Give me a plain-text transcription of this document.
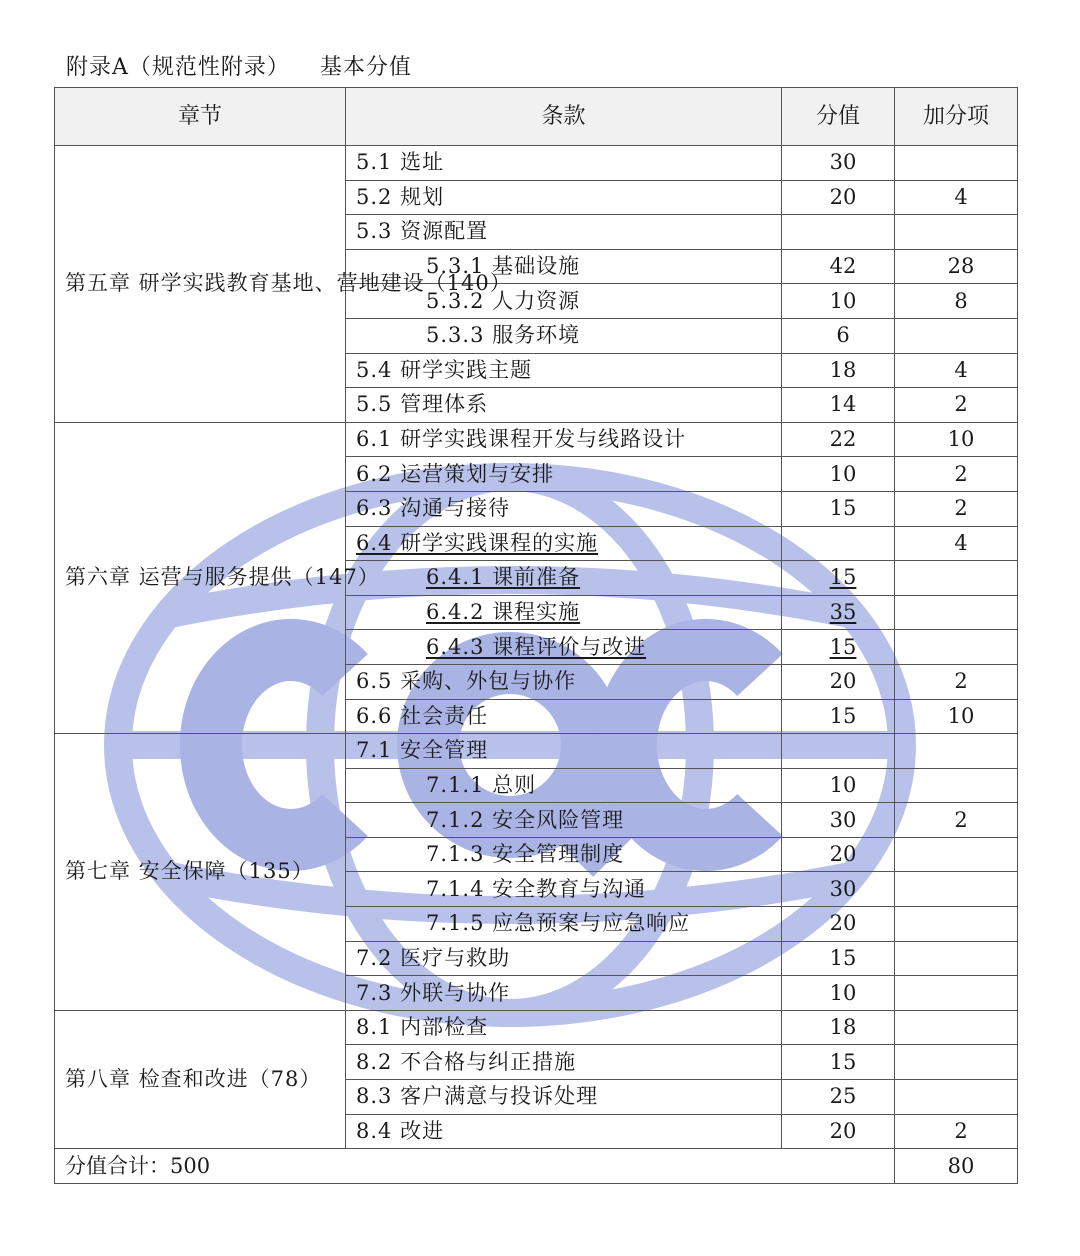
附录A（规范性附录） 基本分值
章节	条款	分值	加分项
第五章 研学实践教育基地、营地建设（140）	5.1 选址	30	
	5.2 规划	20	4
	5.3 资源配置		
	5.3.1 基础设施	42	28
	5.3.2 人力资源	10	8
	5.3.3 服务环境	6	
	5.4 研学实践主题	18	4
	5.5 管理体系	14	2
第六章 运营与服务提供（147）	6.1 研学实践课程开发与线路设计	22	10
	6.2 运营策划与安排	10	2
	6.3 沟通与接待	15	2
	6.4 研学实践课程的实施		4
	6.4.1 课前准备	15	
	6.4.2 课程实施	35	
	6.4.3 课程评价与改进	15	
	6.5 采购、外包与协作	20	2
	6.6 社会责任	15	10
第七章 安全保障（135）	7.1 安全管理		
	7.1.1 总则	10	
	7.1.2 安全风险管理	30	2
	7.1.3 安全管理制度	20	
	7.1.4 安全教育与沟通	30	
	7.1.5 应急预案与应急响应	20	
	7.2 医疗与救助	15	
	7.3 外联与协作	10	
第八章 检查和改进（78）	8.1 内部检查	18	
	8.2 不合格与纠正措施	15	
	8.3 客户满意与投诉处理	25	
	8.4 改进	20	2
分值合计：500			80
